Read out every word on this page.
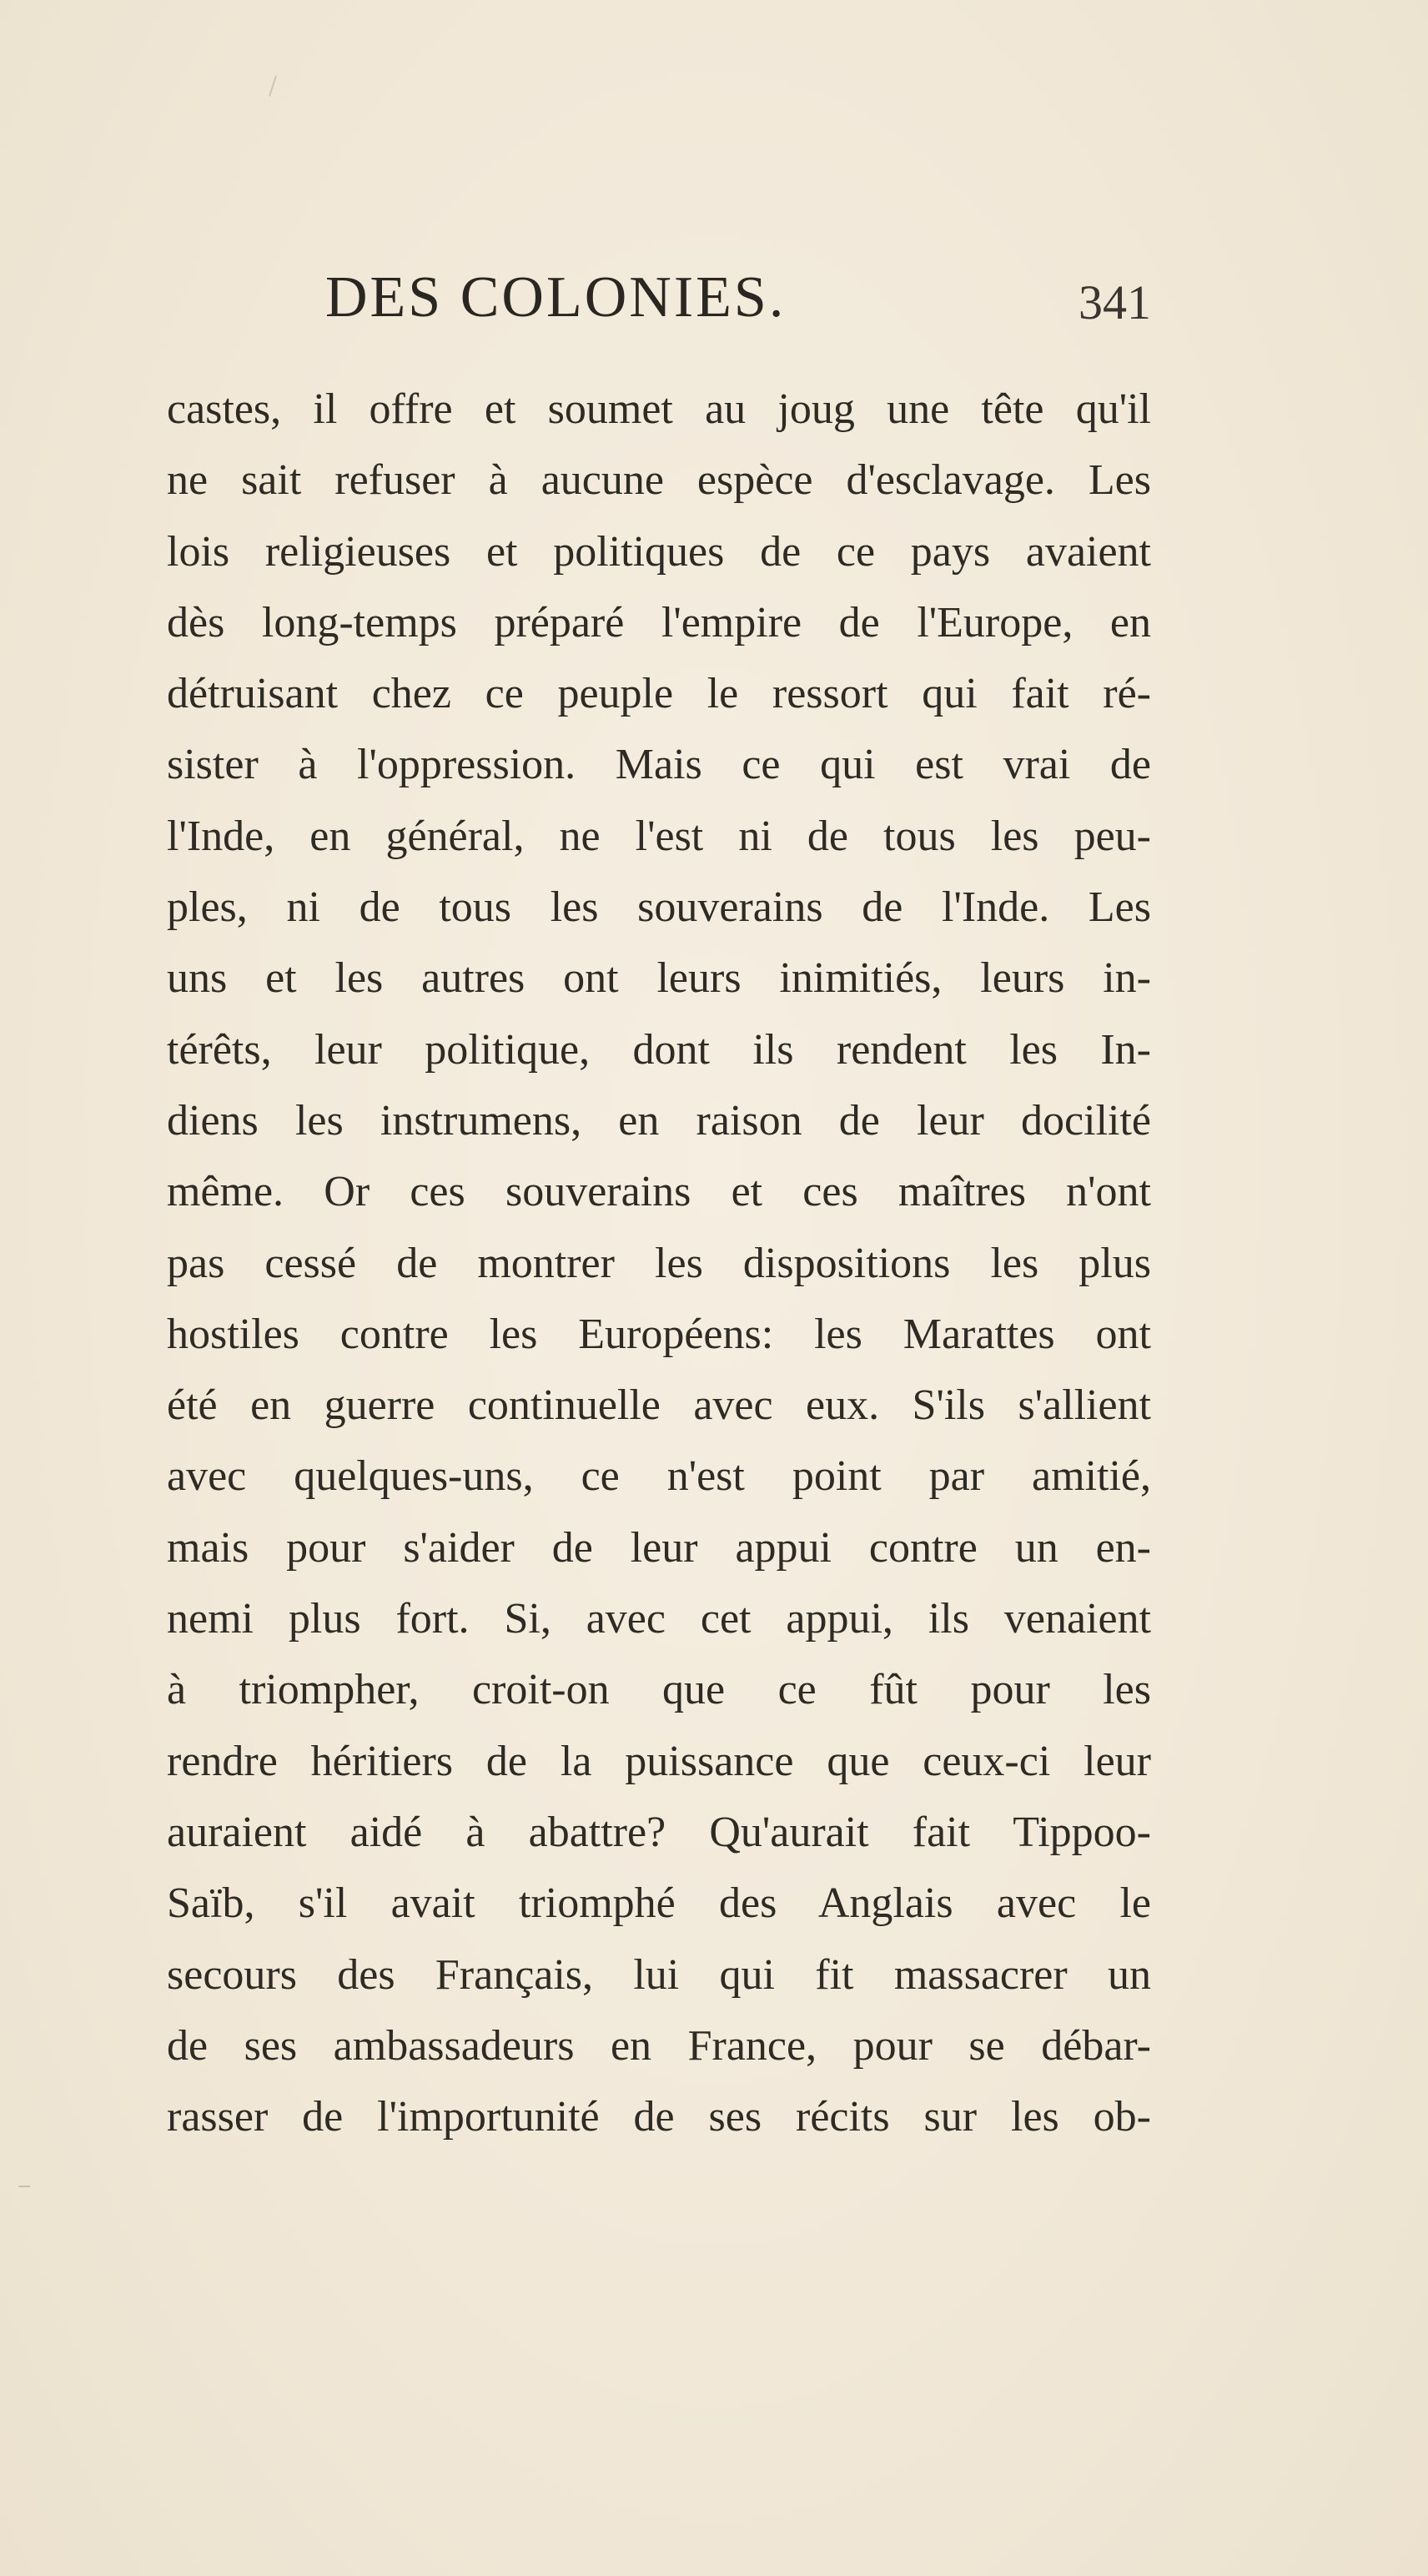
DES COLONIES.	341
castes, il offre et soumet au joug une tête qu'il
ne sait refuser à aucune espèce d'esclavage. Les
lois religieuses et politiques de ce pays avaient
dès long-temps préparé l'empire de l'Europe, en
détruisant chez ce peuple le ressort qui fait ré-
sister à l'oppression. Mais ce qui est vrai de
l'Inde, en général, ne l'est ni de tous les peu-
ples, ni de tous les souverains de l'Inde. Les
uns et les autres ont leurs inimitiés, leurs in-
térêts, leur politique, dont ils rendent les In-
diens les instrumens, en raison de leur docilité
même. Or ces souverains et ces maîtres n'ont
pas cessé de montrer les dispositions les plus
hostiles contre les Européens: les Marattes ont
été en guerre continuelle avec eux. S'ils s'allient
avec quelques-uns, ce n'est point par amitié,
mais pour s'aider de leur appui contre un en-
nemi plus fort. Si, avec cet appui, ils venaient
à triompher, croit-on que ce fût pour les
rendre héritiers de la puissance que ceux-ci leur
auraient aidé à abattre? Qu'aurait fait Tippoo-
Saïb, s'il avait triomphé des Anglais avec le
secours des Français, lui qui fit massacrer un
de ses ambassadeurs en France, pour se débar-
rasser de l'importunité de ses récits sur les ob-
